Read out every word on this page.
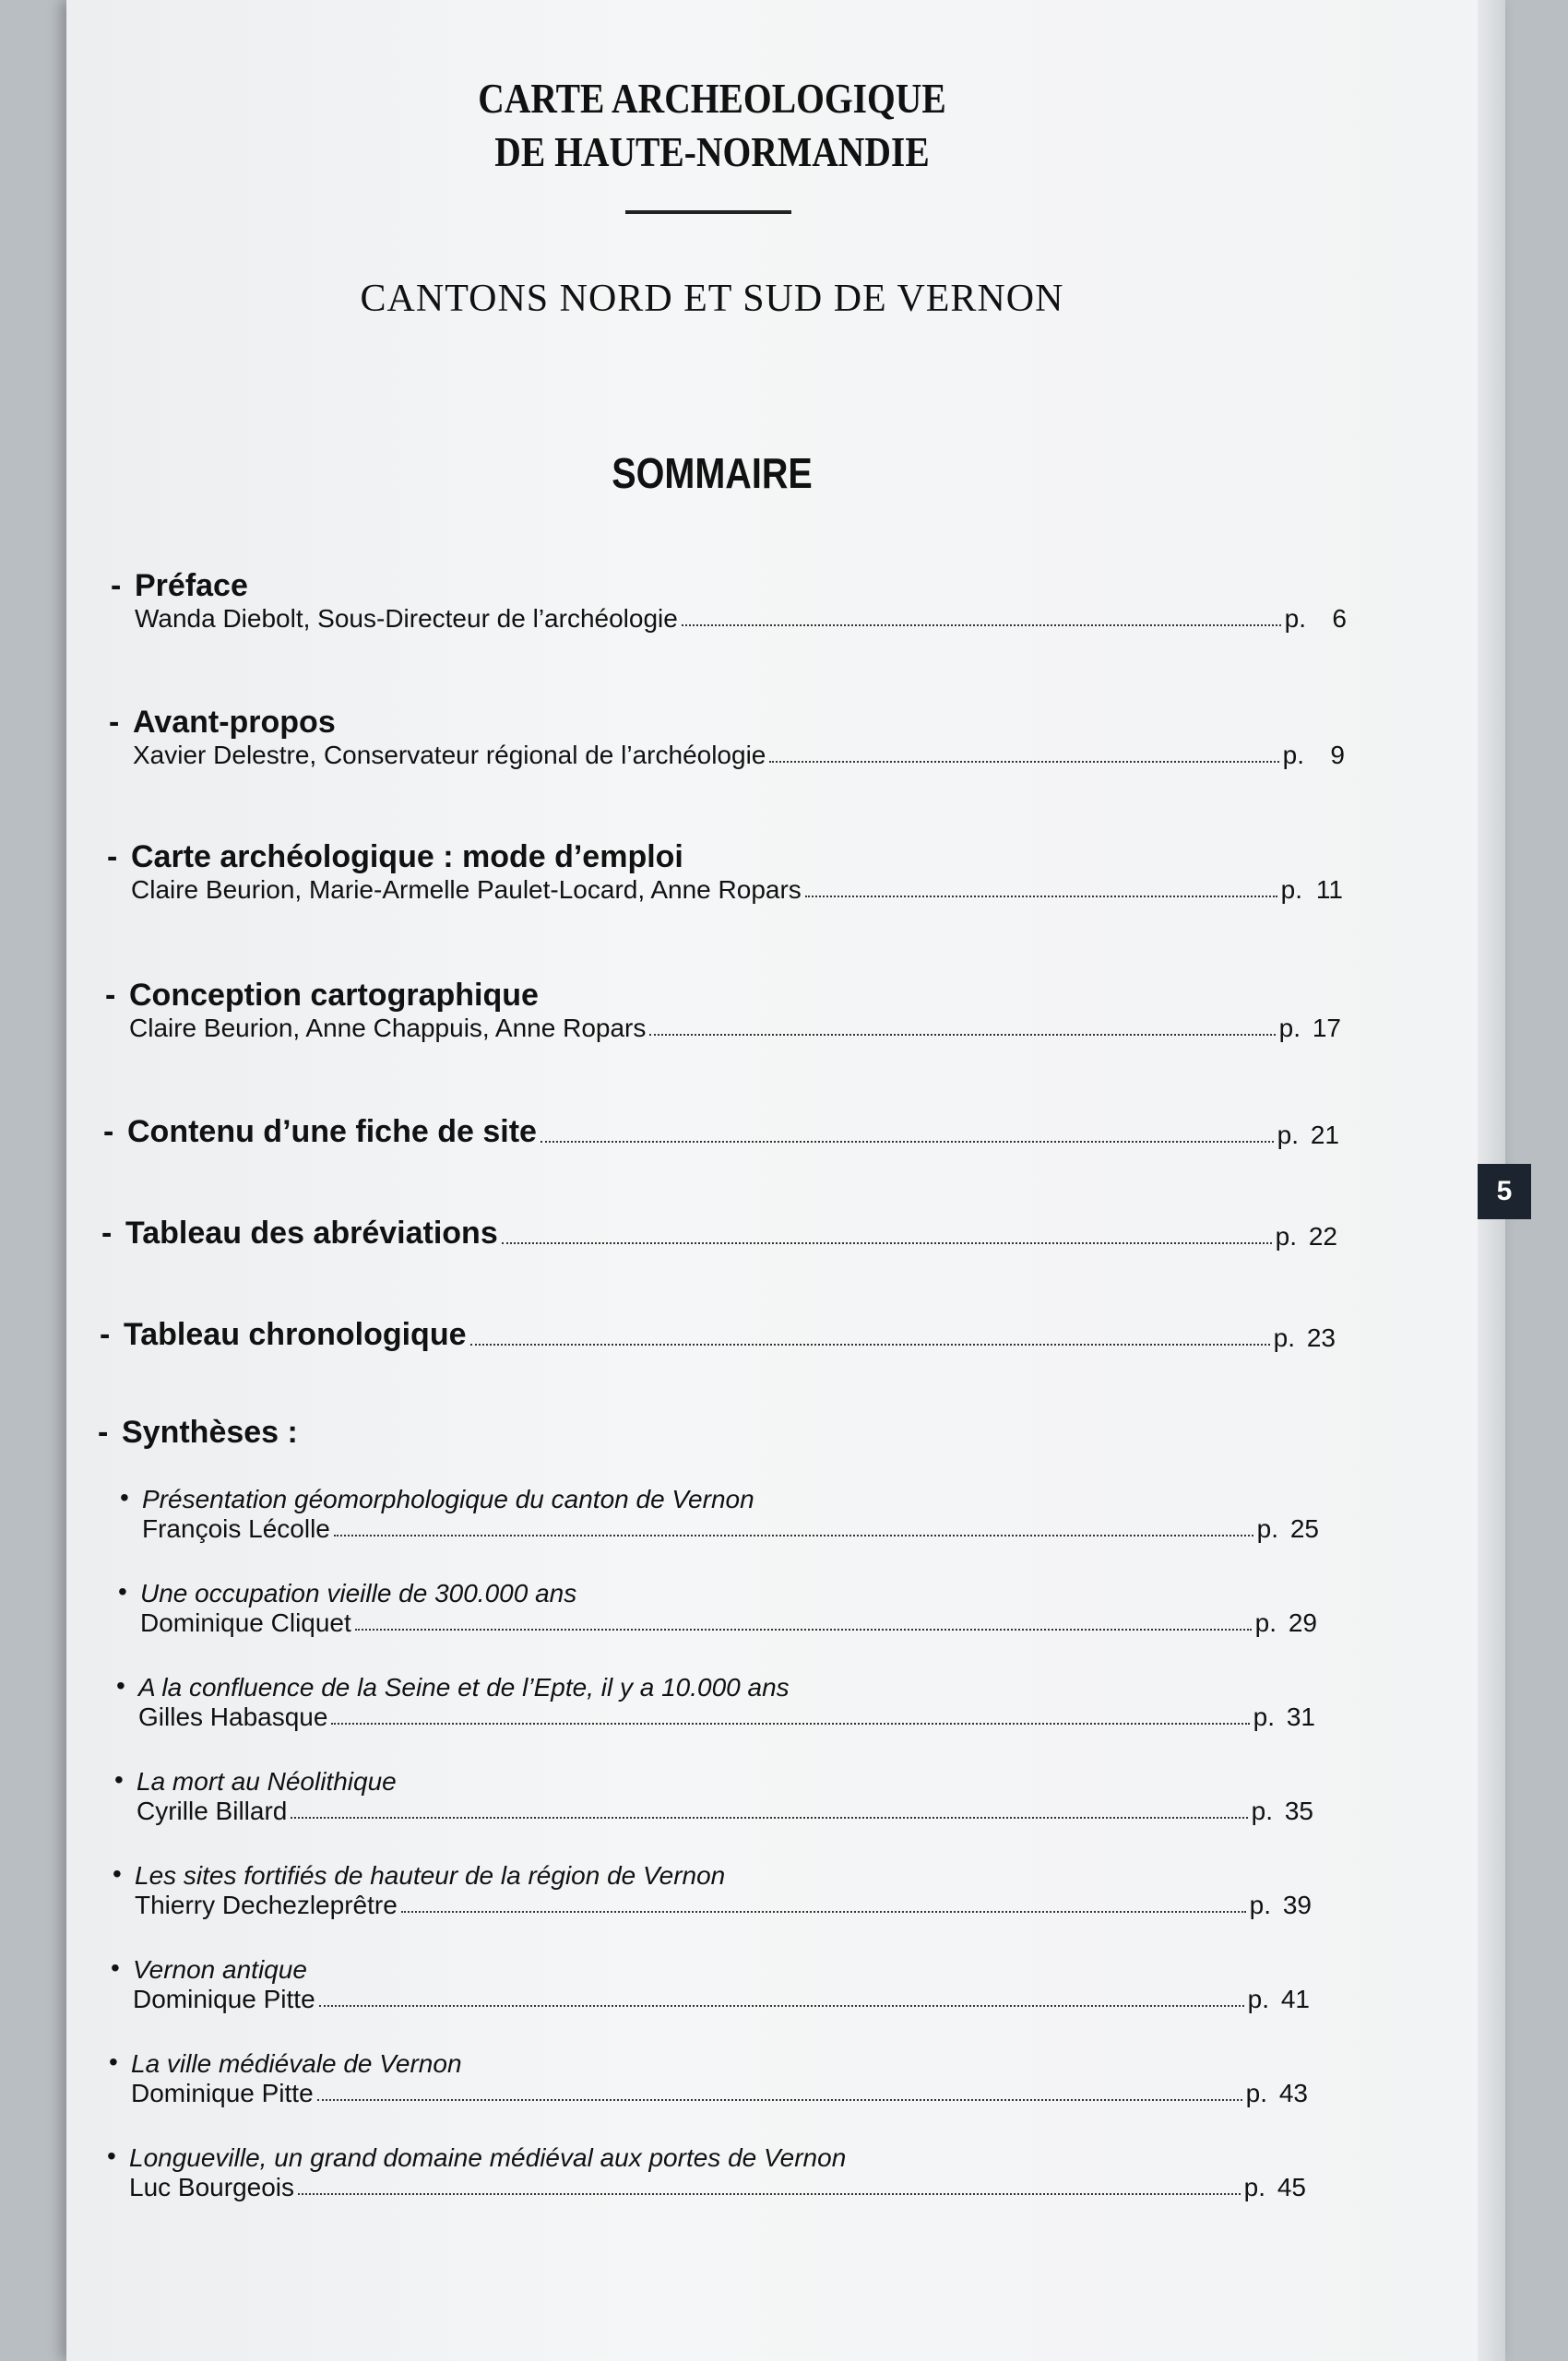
CARTE ARCHEOLOGIQUE
DE HAUTE-NORMANDIE
CANTONS NORD ET SUD DE VERNON
SOMMAIRE
- Préface
Wanda Diebolt, Sous-Directeur de l’archéologie	p. 6
- Avant-propos
Xavier Delestre, Conservateur régional de l’archéologie	p. 9
- Carte archéologique : mode d’emploi
Claire Beurion, Marie-Armelle Paulet-Locard, Anne Ropars	p. 11
- Conception cartographique
Claire Beurion, Anne Chappuis, Anne Ropars	p. 17
- Contenu d’une fiche de site	p. 21
- Tableau des abréviations	p. 22
- Tableau chronologique	p. 23
- Synthèses :
• Présentation géomorphologique du canton de Vernon
François Lécolle	p. 25
• Une occupation vieille de 300.000 ans
Dominique Cliquet	p. 29
• A la confluence de la Seine et de l’Epte, il y a 10.000 ans
Gilles Habasque	p. 31
• La mort au Néolithique
Cyrille Billard	p. 35
• Les sites fortifiés de hauteur de la région de Vernon
Thierry Dechezleprêtre	p. 39
• Vernon antique
Dominique Pitte	p. 41
• La ville médiévale de Vernon
Dominique Pitte	p. 43
• Longueville, un grand domaine médiéval aux portes de Vernon
Luc Bourgeois	p. 45
5
